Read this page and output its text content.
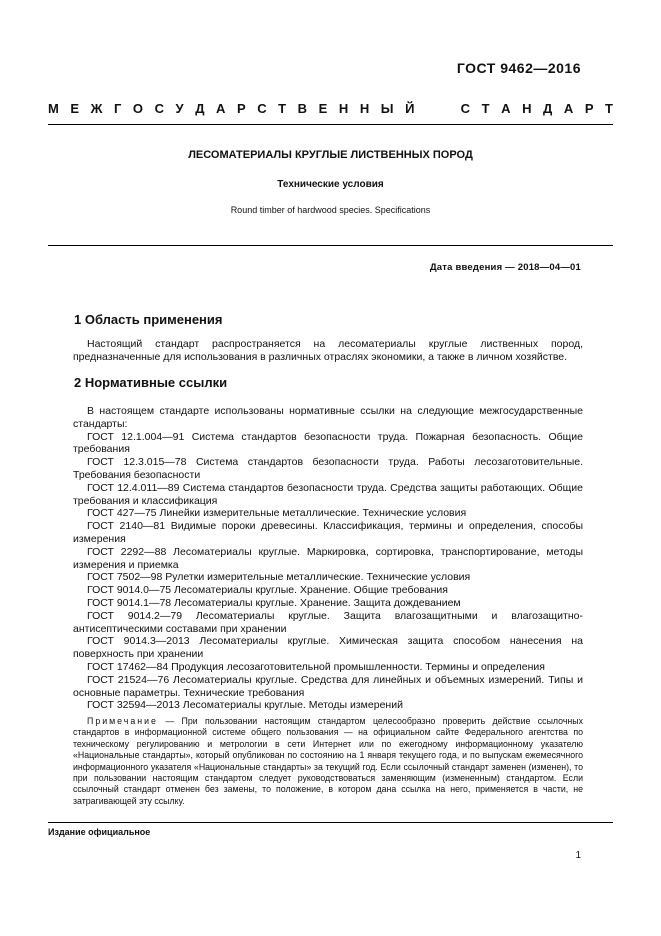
ГОСТ 9462—2016
М Е Ж Г О С У Д А Р С Т В Е Н Н Ы Й	С Т А Н Д А Р Т
ЛЕСОМАТЕРИАЛЫ КРУГЛЫЕ ЛИСТВЕННЫХ ПОРОД
Технические условия
Round timber of hardwood species. Specifications
Дата введения — 2018—04—01
1 Область применения
Настоящий стандарт распространяется на лесоматериалы круглые лиственных пород, предназначенные для использования в различных отраслях экономики, а также в личном хозяйстве.
2 Нормативные ссылки

В настоящем стандарте использованы нормативные ссылки на следующие межгосударственные стандарты:

ГОСТ 12.1.004—91 Система стандартов безопасности труда. Пожарная безопасность. Общие требования

ГОСТ 12.3.015—78 Система стандартов безопасности труда. Работы лесозаготовительные. Требования безопасности

ГОСТ 12.4.011—89 Система стандартов безопасности труда. Средства защиты работающих. Общие требования и классификация

ГОСТ 427—75 Линейки измерительные металлические. Технические условия

ГОСТ 2140—81 Видимые пороки древесины. Классификация, термины и определения, способы измерения

ГОСТ 2292—88 Лесоматериалы круглые. Маркировка, сортировка, транспортирование, методы измерения и приемка

ГОСТ 7502—98 Рулетки измерительные металлические. Технические условия

ГОСТ 9014.0—75 Лесоматериалы круглые. Хранение. Общие требования

ГОСТ 9014.1—78 Лесоматериалы круглые. Хранение. Защита дождеванием

ГОСТ 9014.2—79 Лесоматериалы круглые. Защита влагозащитными и влагозащитно-антисептическими составами при хранении

ГОСТ 9014.3—2013 Лесоматериалы круглые. Химическая защита способом нанесения на поверхность при хранении

ГОСТ 17462—84 Продукция лесозаготовительной промышленности. Термины и определения

ГОСТ 21524—76 Лесоматериалы круглые. Средства для линейных и объемных измерений. Типы и основные параметры. Технические требования

ГОСТ 32594—2013 Лесоматериалы круглые. Методы измерений

Примечание — При пользовании настоящим стандартом целесообразно проверить действие ссылочных стандартов в информационной системе общего пользования — на официальном сайте Федерального агентства по техническому регулированию и метрологии в сети Интернет или по ежегодному информационному указателю «Национальные стандарты», который опубликован по состоянию на 1 января текущего года, и по выпускам ежемесячного информационного указателя «Национальные стандарты» за текущий год. Если ссылочный стандарт заменен (изменен), то при пользовании настоящим стандартом следует руководствоваться заменяющим (измененным) стандартом. Если ссылочный стандарт отменен без замены, то положение, в котором дана ссылка на него, применяется в части, не затрагивающей эту ссылку.
Издание официальное
1
